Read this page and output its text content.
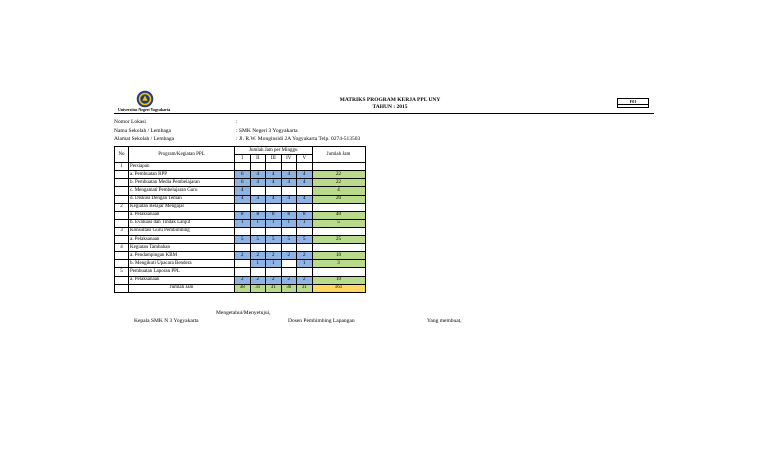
Universitas Negeri Yogyakarta
MATRIKS PROGRAM KERJA PPL UNY
TAHUN : 2015
F01
Nomor Lokasi	:
Nama Sekolah / Lembaga	: SMK Negeri 3 Yogyakarta
Alamat Sekolah / Lembaga	: Jl. R.W. Monginsidi 2A Yogyakarta Telp. 0274-513503
No	Program/Kegiatan PPL	Jumlah Jam per Minggu					Jumlah Jam
		I	II	III	IV	V	
1	Persiapan						
	a. Pembuatan RPP	6	4	4	4	4	22
	b. Pembuatan Media Pembelajaran	6	4	4	4	4	22
	c. Mengamati Pembelajaran Guru	4					4
	d. Diskusi Dengan Teman	4	4	4	4	4	20
2	Kegiatan Belajar Mengajar						
	a. Pelaksanaan	8	8	8	8	8	40
	b. Evaluasi dan Tindak Lanjut	1	1	1	1	1	5
3	Konsultasi Guru Pembimbing						
	a. Pelaksanaan	5	5	5	5	5	25
4	Kegiatan Tambahan						
	a. Pendampingan KBM	2	2	2	2	2	10
	b. Mengikuti Upacara Bendera		1	1		1	3
5	Pembuatan Laporan PPL						
	a. Pelaksanaan	2	2	2	2	2	10
	Jumlah Jam	38	31	31	30	31	161
Mengetahui/Menyetujui,
Kepala SMK N 3 Yogyakarta	Dosen Pembimbing Lapangan	Yang membuat,
